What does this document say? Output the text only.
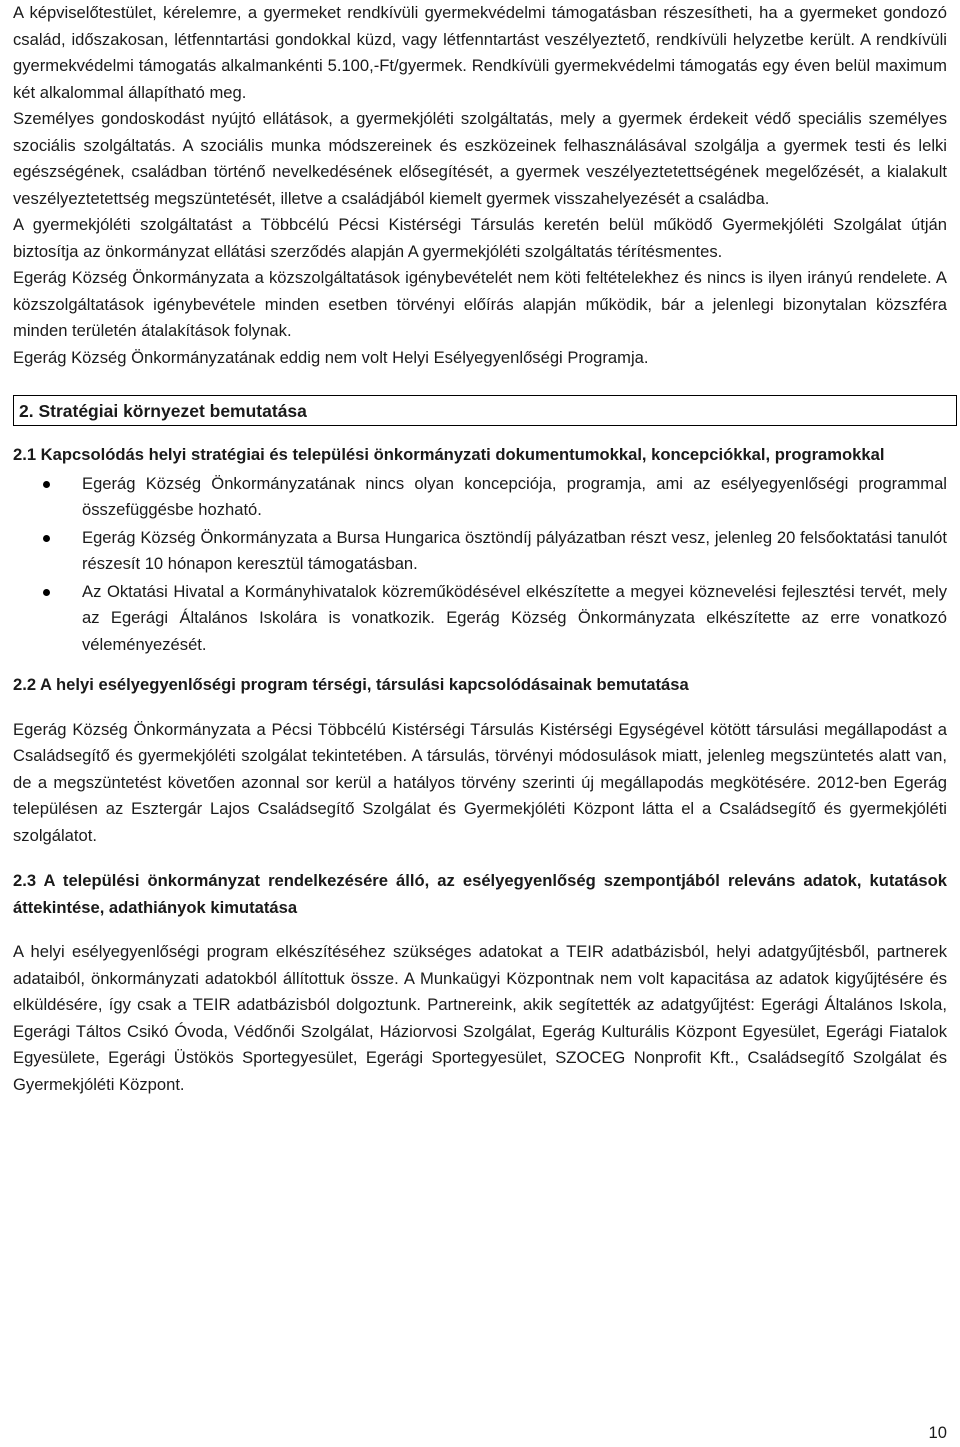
A képviselőtestület, kérelemre, a gyermeket rendkívüli gyermekvédelmi támogatásban részesítheti, ha a gyermeket gondozó család, időszakosan, létfenntartási gondokkal küzd, vagy létfenntartást veszélyeztető, rendkívüli helyzetbe került. A rendkívüli gyermekvédelmi támogatás alkalmankénti 5.100,-Ft/gyermek. Rendkívüli gyermekvédelmi támogatás egy éven belül maximum két alkalommal állapítható meg.

Személyes gondoskodást nyújtó ellátások, a gyermekjóléti szolgáltatás, mely a gyermek érdekeit védő speciális személyes szociális szolgáltatás. A szociális munka módszereinek és eszközeinek felhasználásával szolgálja a gyermek testi és lelki egészségének, családban történő nevelkedésének elősegítését, a gyermek veszélyeztetettségének megelőzését, a kialakult veszélyeztetettség megszüntetését, illetve a családjából kiemelt gyermek visszahelyezését a családba.

A gyermekjóléti szolgáltatást a Többcélú Pécsi Kistérségi Társulás keretén belül működő Gyermekjóléti Szolgálat útján biztosítja az önkormányzat ellátási szerződés alapján A gyermekjóléti szolgáltatás térítésmentes.

Egerág Község Önkormányzata a közszolgáltatások igénybevételét nem köti feltételekhez és nincs is ilyen irányú rendelete. A közszolgáltatások igénybevétele minden esetben törvényi előírás alapján működik, bár a jelenlegi bizonytalan közszféra minden területén átalakítások folynak.

Egerág Község Önkormányzatának eddig nem volt Helyi Esélyegyenlőségi Programja.

2. Stratégiai környezet bemutatása
2.1 Kapcsolódás helyi stratégiai és települési önkormányzati dokumentumokkal, koncepciókkal, programokkal
Egerág Község Önkormányzatának nincs olyan koncepciója, programja, ami az esélyegyenlőségi programmal összefüggésbe hozható.
Egerág Község Önkormányzata a Bursa Hungarica ösztöndíj pályázatban részt vesz, jelenleg 20 felsőoktatási tanulót részesít 10 hónapon keresztül támogatásban.
Az Oktatási Hivatal a Kormányhivatalok közreműködésével elkészítette a megyei köznevelési fejlesztési tervét, mely az Egerági Általános Iskolára is vonatkozik. Egerág Község Önkormányzata elkészítette az erre vonatkozó véleményezését.
2.2 A helyi esélyegyenlőségi program térségi, társulási kapcsolódásainak bemutatása

Egerág Község Önkormányzata a Pécsi Többcélú Kistérségi Társulás Kistérségi Egységével kötött társulási megállapodást a Családsegítő és gyermekjóléti szolgálat tekintetében. A társulás, törvényi módosulások miatt, jelenleg megszüntetés alatt van, de a megszüntetést követően azonnal sor kerül a hatályos törvény szerinti új megállapodás megkötésére. 2012-ben Egerág településen az Esztergár Lajos Családsegítő Szolgálat és Gyermekjóléti Központ látta el a Családsegítő és gyermekjóléti szolgálatot.

2.3 A települési önkormányzat rendelkezésére álló, az esélyegyenlőség szempontjából releváns adatok, kutatások áttekintése, adathiányok kimutatása

A helyi esélyegyenlőségi program elkészítéséhez szükséges adatokat a TEIR adatbázisból, helyi adatgyűjtésből, partnerek adataiból, önkormányzati adatokból állítottuk össze. A Munkaügyi Központnak nem volt kapacitása az adatok kigyűjtésére és elküldésére, így csak a TEIR adatbázisból dolgoztunk. Partnereink, akik segítették az adatgyűjtést: Egerági Általános Iskola, Egerági Táltos Csikó Óvoda, Védőnői Szolgálat, Háziorvosi Szolgálat, Egerág Kulturális Központ Egyesület, Egerági Fiatalok Egyesülete, Egerági Üstökös Sportegyesület, Egerági Sportegyesület, SZOCEG Nonprofit Kft., Családsegítő Szolgálat és Gyermekjóléti Központ.

10
